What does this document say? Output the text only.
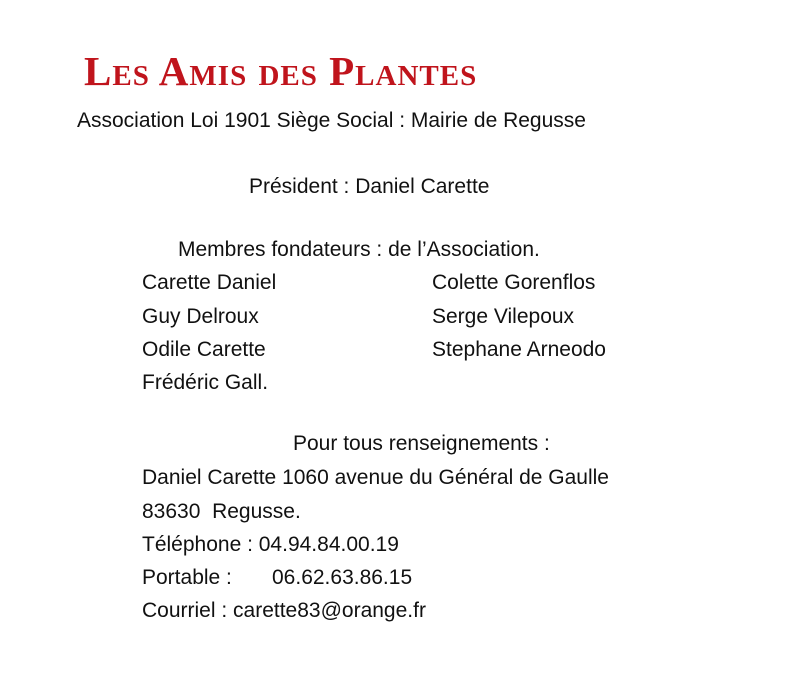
Les Amis des Plantes
Association Loi 1901 Siège Social : Mairie de Regusse
Président : Daniel Carette
Membres fondateurs : de l’Association.
Carette Daniel
Guy Delroux
Odile Carette
Frédéric Gall.
Colette Gorenflos
Serge Vilepoux
Stephane Arneodo
Pour tous renseignements :
Daniel Carette 1060 avenue du Général de Gaulle
83630  Regusse.
Téléphone : 04.94.84.00.19
Portable : 06.62.63.86.15
Courriel : carette83@orange.fr
